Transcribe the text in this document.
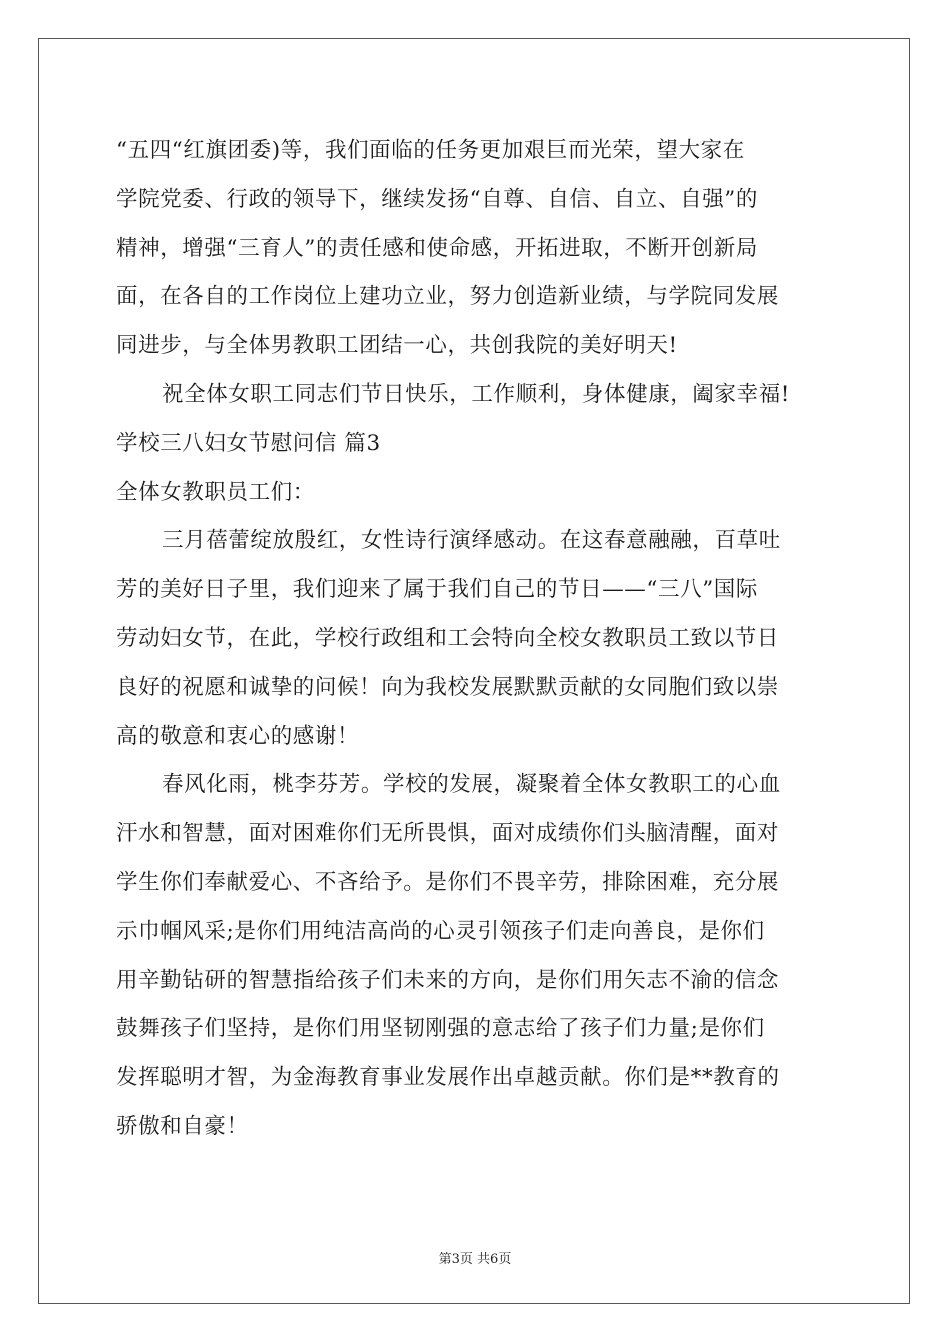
“五四“红旗团委)等，我们面临的任务更加艰巨而光荣，望大家在
学院党委、行政的领导下，继续发扬“自尊、自信、自立、自强”的
精神，增强“三育人”的责任感和使命感，开拓进取，不断开创新局
面，在各自的工作岗位上建功立业，努力创造新业绩，与学院同发展
同进步，与全体男教职工团结一心，共创我院的美好明天!
祝全体女职工同志们节日快乐，工作顺利，身体健康，阖家幸福!
学校三八妇女节慰问信 篇3
全体女教职员工们：
三月蓓蕾绽放殷红，女性诗行演绎感动。在这春意融融，百草吐
芳的美好日子里，我们迎来了属于我们自己的节日——“三八”国际
劳动妇女节，在此，学校行政组和工会特向全校女教职员工致以节日
良好的祝愿和诚挚的问候！向为我校发展默默贡献的女同胞们致以崇
高的敬意和衷心的感谢！
春风化雨，桃李芬芳。学校的发展，凝聚着全体女教职工的心血
汗水和智慧，面对困难你们无所畏惧，面对成绩你们头脑清醒，面对
学生你们奉献爱心、不吝给予。是你们不畏辛劳，排除困难，充分展
示巾帼风采;是你们用纯洁高尚的心灵引领孩子们走向善良，是你们
用辛勤钻研的智慧指给孩子们未来的方向，是你们用矢志不渝的信念
鼓舞孩子们坚持，是你们用坚韧刚强的意志给了孩子们力量;是你们
发挥聪明才智，为金海教育事业发展作出卓越贡献。你们是**教育的
骄傲和自豪！
第3页 共6页
